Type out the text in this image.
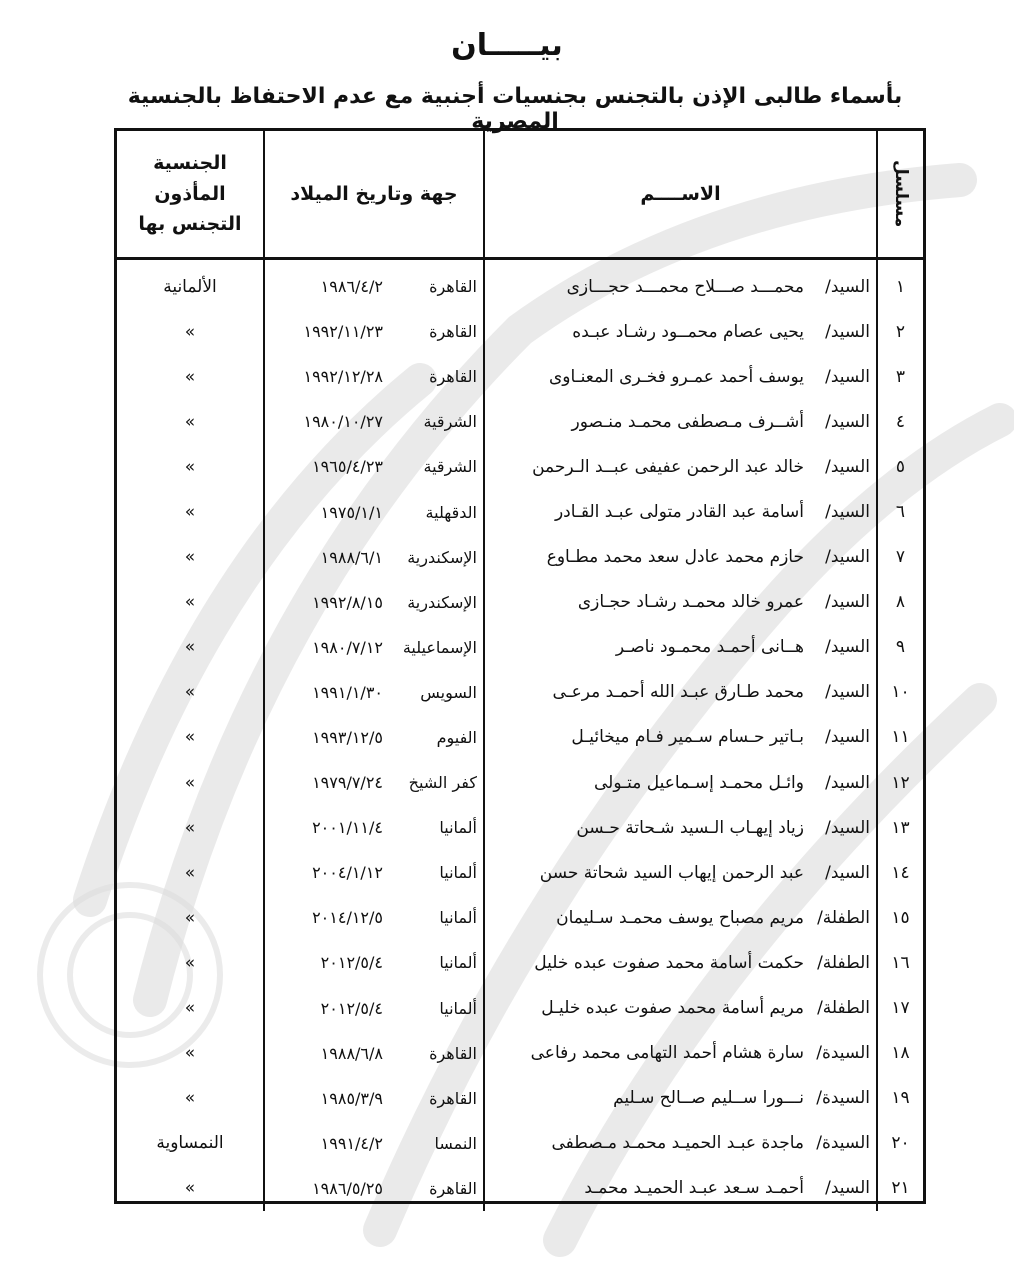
بيـــــان
بأسماء طالبى الإذن بالتجنس بجنسيات أجنبية مع عدم الاحتفاظ بالجنسية المصرية
مسلسل	الاســــم	جهة وتاريخ الميلاد	الجنسية المأذون التجنس بها
١	السيد/محمـــد صـــلاح محمـــد حجـــازى	القاهرة١٩٨٦/٤/٢	الألمانية
٢	السيد/يحيى عصام محمــود رشـاد عبـده	القاهرة١٩٩٢/١١/٢٣	»
٣	السيد/يوسف أحمد عمـرو فخـرى المعنـاوى	القاهرة١٩٩٢/١٢/٢٨	»
٤	السيد/أشــرف مـصطفى محمـد منـصور	الشرقية١٩٨٠/١٠/٢٧	»
٥	السيد/خالد عبد الرحمن عفيفى عبــد الـرحمن	الشرقية١٩٦٥/٤/٢٣	»
٦	السيد/أسامة عبد القادر متولى عبـد القـادر	الدقهلية١٩٧٥/١/١	»
٧	السيد/حازم محمد عادل سعد محمد مطـاوع	الإسكندرية١٩٨٨/٦/١	»
٨	السيد/عمرو خالد محمـد رشـاد حجـازى	الإسكندرية١٩٩٢/٨/١٥	»
٩	السيد/هــانى أحمـد محمـود ناصـر	الإسماعيلية١٩٨٠/٧/١٢	»
١٠	السيد/محمد طـارق عبـد الله أحمـد مرعـى	السويس١٩٩١/١/٣٠	»
١١	السيد/بـاتير حـسام سـمير فـام ميخائيـل	الفيوم١٩٩٣/١٢/٥	»
١٢	السيد/وائـل محمـد إسـماعيل متـولى	كفر الشيخ١٩٧٩/٧/٢٤	»
١٣	السيد/زياد إيهـاب الـسيد شـحاتة حـسن	ألمانيا٢٠٠١/١١/٤	»
١٤	السيد/عبد الرحمن إيهاب السيد شحاتة حسن	ألمانيا٢٠٠٤/١/١٢	»
١٥	الطفلة/مريم مصباح يوسف محمـد سـليمان	ألمانيا٢٠١٤/١٢/٥	»
١٦	الطفلة/حكمت أسامة محمد صفوت عبده خليل	ألمانيا٢٠١٢/٥/٤	»
١٧	الطفلة/مريم أسامة محمد صفوت عبده خليـل	ألمانيا٢٠١٢/٥/٤	»
١٨	السيدة/سارة هشام أحمد التهامى محمد رفاعى	القاهرة١٩٨٨/٦/٨	»
١٩	السيدة/نـــورا ســليم صــالح سـليم	القاهرة١٩٨٥/٣/٩	»
٢٠	السيدة/ماجدة عبـد الحميـد محمـد مـصطفى	النمسا١٩٩١/٤/٢	النمساوية
٢١	السيد/أحمـد سـعد عبـد الحميـد محمـد	القاهرة١٩٨٦/٥/٢٥	»
